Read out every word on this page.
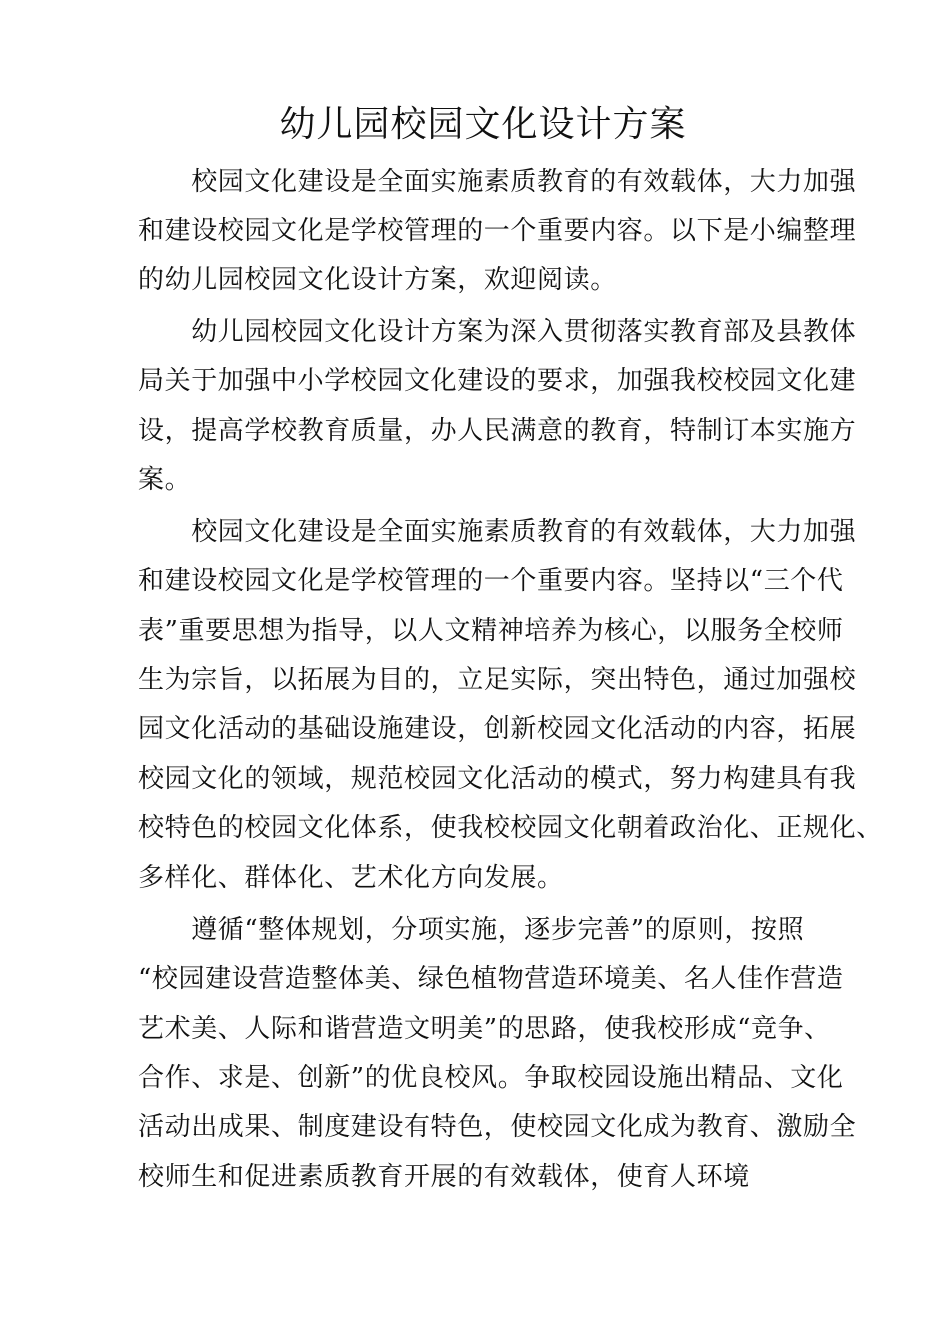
幼儿园校园文化设计方案
　　校园文化建设是全面实施素质教育的有效载体，大力加强
和建设校园文化是学校管理的一个重要内容。以下是小编整理
的幼儿园校园文化设计方案，欢迎阅读。
　　幼儿园校园文化设计方案为深入贯彻落实教育部及县教体
局关于加强中小学校园文化建设的要求，加强我校校园文化建
设，提高学校教育质量，办人民满意的教育，特制订本实施方
案。
　　校园文化建设是全面实施素质教育的有效载体，大力加强
和建设校园文化是学校管理的一个重要内容。坚持以“三个代
表”重要思想为指导，以人文精神培养为核心，以服务全校师
生为宗旨，以拓展为目的，立足实际，突出特色，通过加强校
园文化活动的基础设施建设，创新校园文化活动的内容，拓展
校园文化的领域，规范校园文化活动的模式，努力构建具有我
校特色的校园文化体系，使我校校园文化朝着政治化、正规化、
多样化、群体化、艺术化方向发展。
　　遵循“整体规划，分项实施，逐步完善”的原则，按照
“校园建设营造整体美、绿色植物营造环境美、名人佳作营造
艺术美、人际和谐营造文明美”的思路，使我校形成“竞争、
合作、求是、创新”的优良校风。争取校园设施出精品、文化
活动出成果、制度建设有特色，使校园文化成为教育、激励全
校师生和促进素质教育开展的有效载体，使育人环境
